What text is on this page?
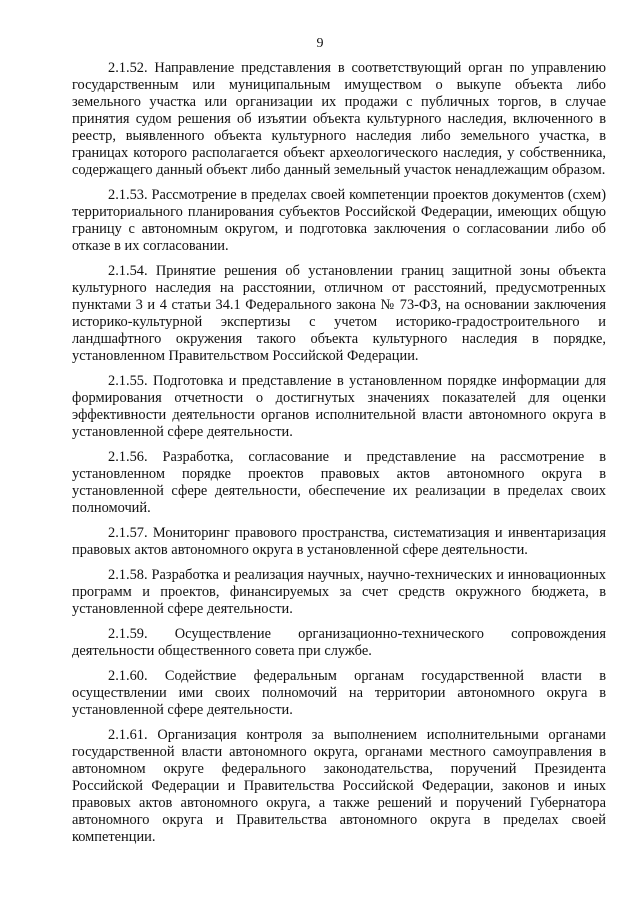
9

2.1.52. Направление представления в соответствующий орган по управлению государственным или муниципальным имуществом о выкупе объекта либо земельного участка или организации их продажи с публичных торгов, в случае принятия судом решения об изъятии объекта культурного наследия, включенного в реестр, выявленного объекта культурного наследия либо земельного участка, в границах которого располагается объект археологического наследия, у собственника, содержащего данный объект либо данный земельный участок ненадлежащим образом.

2.1.53. Рассмотрение в пределах своей компетенции проектов документов (схем) территориального планирования субъектов Российской Федерации, имеющих общую границу с автономным округом, и подготовка заключения о согласовании либо об отказе в их согласовании.

2.1.54. Принятие решения об установлении границ защитной зоны объекта культурного наследия на расстоянии, отличном от расстояний, предусмотренных пунктами 3 и 4 статьи 34.1 Федерального закона № 73-ФЗ, на основании заключения историко-культурной экспертизы с учетом историко-градостроительного и ландшафтного окружения такого объекта культурного наследия в порядке, установленном Правительством Российской Федерации.

2.1.55. Подготовка и представление в установленном порядке информации для формирования отчетности о достигнутых значениях показателей для оценки эффективности деятельности органов исполнительной власти автономного округа в установленной сфере деятельности.

2.1.56. Разработка, согласование и представление на рассмотрение в установленном порядке проектов правовых актов автономного округа в установленной сфере деятельности, обеспечение их реализации в пределах своих полномочий.

2.1.57. Мониторинг правового пространства, систематизация и инвентаризация правовых актов автономного округа в установленной сфере деятельности.

2.1.58. Разработка и реализация научных, научно-технических и инновационных программ и проектов, финансируемых за счет средств окружного бюджета, в установленной сфере деятельности.

2.1.59. Осуществление организационно-технического сопровождения деятельности общественного совета при службе.

2.1.60. Содействие федеральным органам государственной власти в осуществлении ими своих полномочий на территории автономного округа в установленной сфере деятельности.

2.1.61. Организация контроля за выполнением исполнительными органами государственной власти автономного округа, органами местного самоуправления в автономном округе федерального законодательства, поручений Президента Российской Федерации и Правительства Российской Федерации, законов и иных правовых актов автономного округа, а также решений и поручений Губернатора автономного округа и Правительства автономного округа в пределах своей компетенции.
